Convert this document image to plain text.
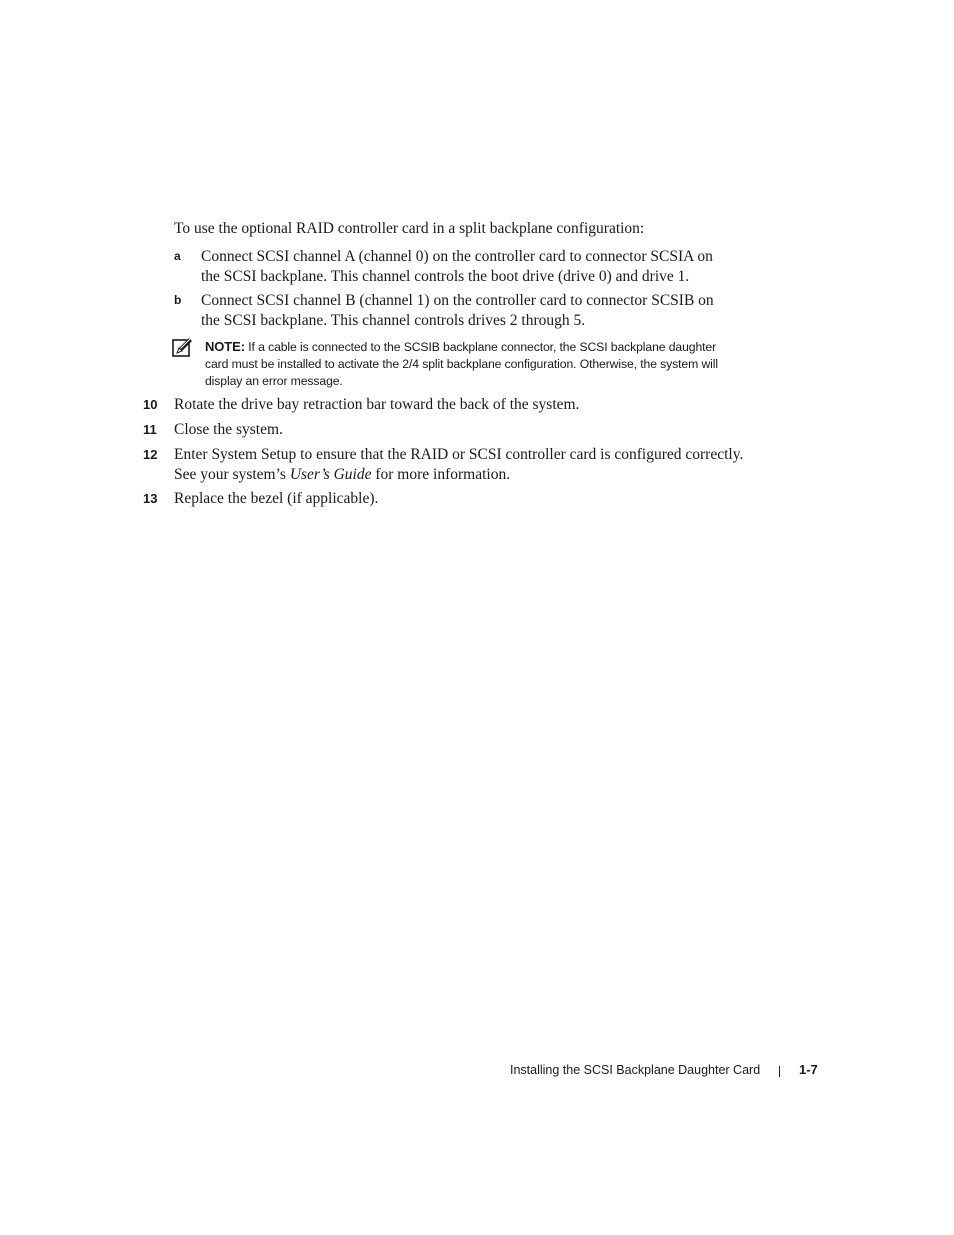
To use the optional RAID controller card in a split backplane configuration:
a Connect SCSI channel A (channel 0) on the controller card to connector SCSIA on
the SCSI backplane. This channel controls the boot drive (drive 0) and drive 1.
b Connect SCSI channel B (channel 1) on the controller card to connector SCSIB on
the SCSI backplane. This channel controls drives 2 through 5.
NOTE: If a cable is connected to the SCSIB backplane connector, the SCSI backplane daughter
card must be installed to activate the 2/4 split backplane configuration. Otherwise, the system will
display an error message.
10 Rotate the drive bay retraction bar toward the back of the system.
11 Close the system.
12 Enter System Setup to ensure that the RAID or SCSI controller card is configured correctly.
See your system’s User’s Guide for more information.
13 Replace the bezel (if applicable).
Installing the SCSI Backplane Daughter Card	1-7
